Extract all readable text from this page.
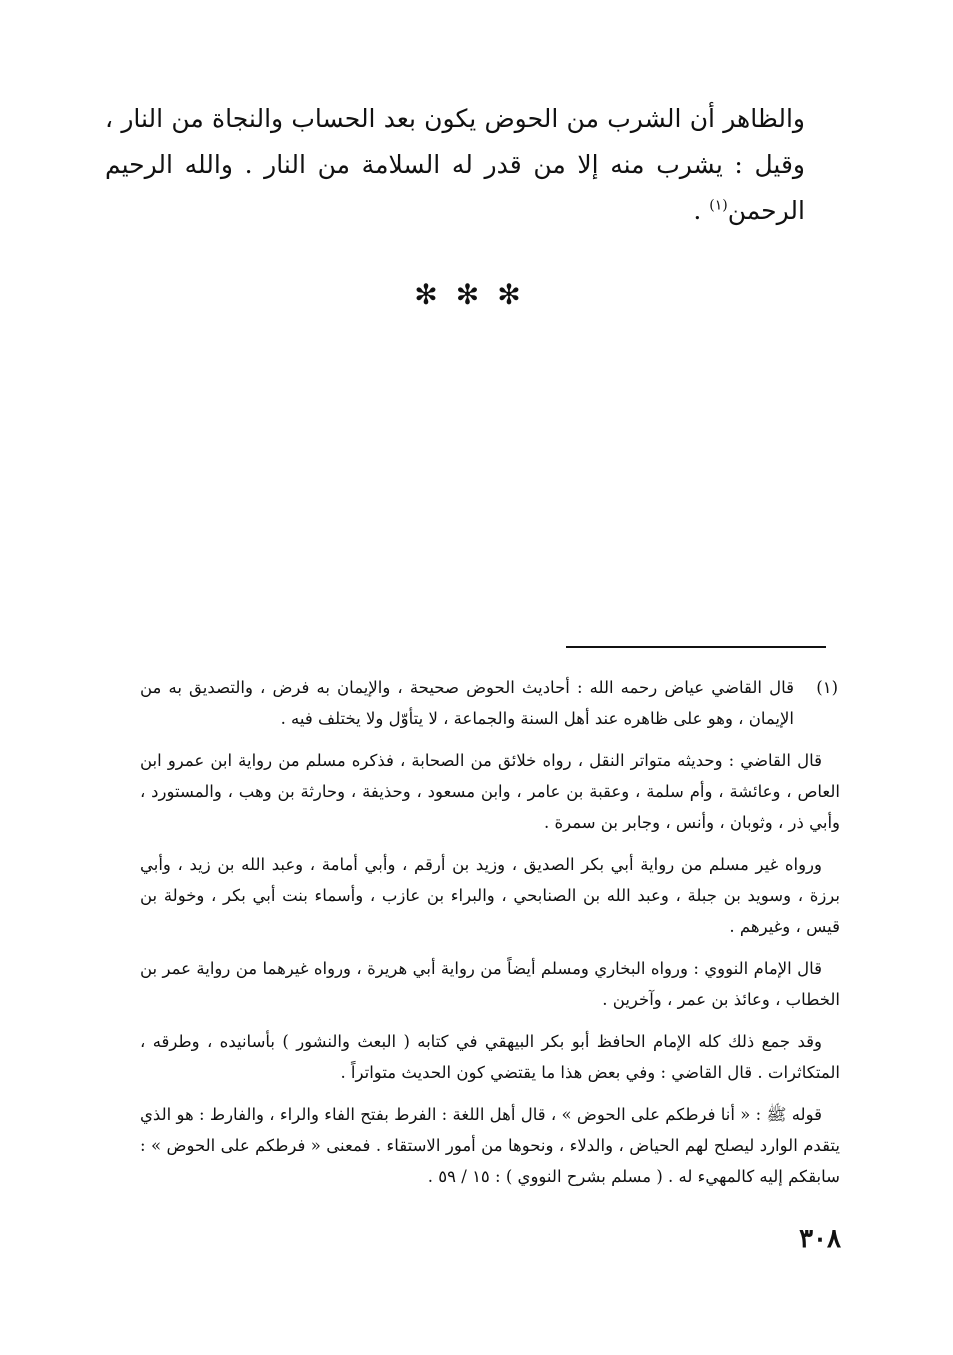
والظاهر أن الشرب من الحوض يكون بعد الحساب والنجاة من النار ، وقيل : يشرب منه إلا من قدر له السلامة من النار . والله الرحيم الرحمن$^{(١)}$ .

✻✻✻
(١)

قال القاضي عياض رحمه الله : أحاديث الحوض صحيحة ، والإيمان به فرض ، والتصديق به من الإيمان ، وهو على ظاهره عند أهل السنة والجماعة ، لا يتأوّل ولا يختلف فيه .

قال القاضي : وحديثه متواتر النقل ، رواه خلائق من الصحابة ، فذكره مسلم من رواية ابن عمرو ابن العاص ، وعائشة ، وأم سلمة ، وعقبة بن عامر ، وابن مسعود ، وحذيفة ، وحارثة بن وهب ، والمستورد ، وأبي ذر ، وثوبان ، وأنس ، وجابر بن سمرة .

ورواه غير مسلم من رواية أبي بكر الصديق ، وزيد بن أرقم ، وأبي أمامة ، وعبد الله بن زيد ، وأبي برزة ، وسويد بن جبلة ، وعبد الله بن الصنابحي ، والبراء بن عازب ، وأسماء بنت أبي بكر ، وخولة بن قيس ، وغيرهم .

قال الإمام النووي : ورواه البخاري ومسلم أيضاً من رواية أبي هريرة ، ورواه غيرهما من رواية عمر بن الخطاب ، وعائذ بن عمر ، وآخرين .

وقد جمع ذلك كله الإمام الحافظ أبو بكر البيهقي في كتابه ( البعث والنشور ) بأسانيده ، وطرقه ، المتكاثرات . قال القاضي : وفي بعض هذا ما يقتضي كون الحديث متواتراً .

قوله ﷺ : « أنا فرطكم على الحوض » ، قال أهل اللغة : الفرط بفتح الفاء والراء ، والفارط : هو الذي يتقدم الوارد ليصلح لهم الحياض ، والدلاء ، ونحوها من أمور الاستقاء . فمعنى « فرطكم على الحوض » : سابقكم إليه كالمهيء له . ( مسلم بشرح النووي ) : ١٥ / ٥٩ .

٣٠٨
